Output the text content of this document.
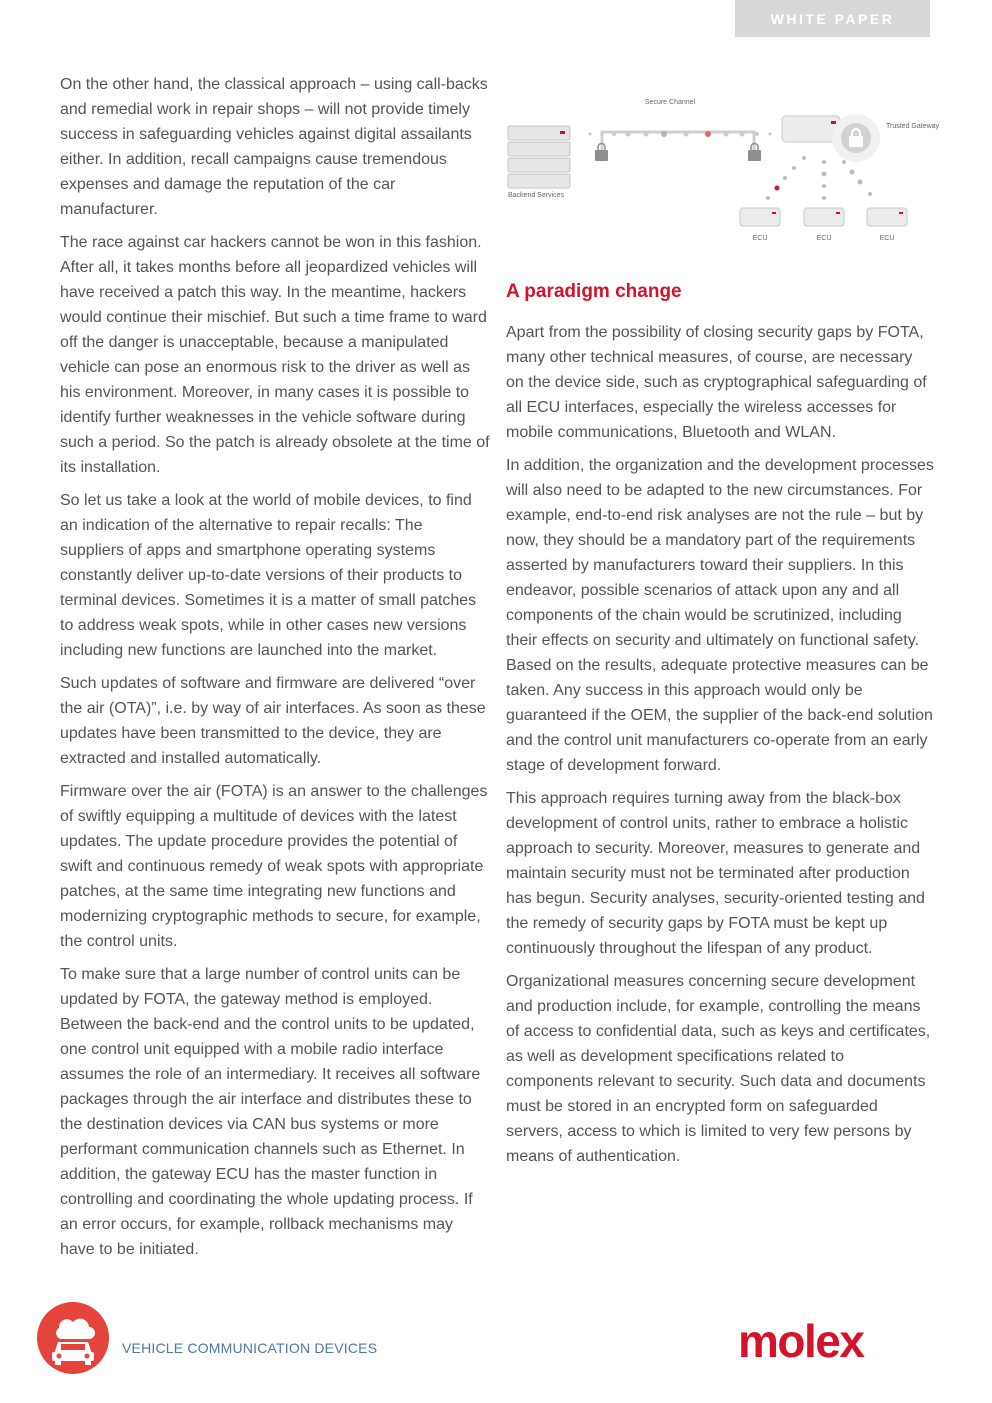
WHITE PAPER

On the other hand, the classical approach – using call-backs and remedial work in repair shops – will not provide timely success in safeguarding vehicles against digital assailants either. In addition, recall campaigns cause tremendous expenses and damage the reputation of the car manufacturer.

The race against car hackers cannot be won in this fashion. After all, it takes months before all jeopardized vehicles will have received a patch this way. In the meantime, hackers would continue their mischief. But such a time frame to ward off the danger is unacceptable, because a manipulated vehicle can pose an enormous risk to the driver as well as his environment. Moreover, in many cases it is possible to identify further weaknesses in the vehicle software during such a period. So the patch is already obsolete at the time of its installation.

So let us take a look at the world of mobile devices, to find an indication of the alternative to repair recalls: The suppliers of apps and smartphone operating systems constantly deliver up-to-date versions of their products to terminal devices. Sometimes it is a matter of small patches to address weak spots, while in other cases new versions including new functions are launched into the market.

Such updates of software and firmware are delivered “over the air (OTA)”, i.e. by way of air interfaces. As soon as these updates have been transmitted to the device, they are extracted and installed automatically.

Firmware over the air (FOTA) is an answer to the challenges of swiftly equipping a multitude of devices with the latest updates. The update procedure provides the potential of swift and continuous remedy of weak spots with appropriate patches, at the same time integrating new functions and modernizing cryptographic methods to secure, for example, the control units.

To make sure that a large number of control units can be updated by FOTA, the gateway method is employed. Between the back-end and the control units to be updated, one control unit equipped with a mobile radio interface assumes the role of an intermediary. It receives all software packages through the air interface and distributes these to the destination devices via CAN bus systems or more performant communication channels such as Ethernet. In addition, the gateway ECU has the master function in controlling and coordinating the whole updating process. If an error occurs, for example, rollback mechanisms may have to be initiated.

Secure Channel
Backend Services
Trusted Gateway
ECU	ECU	ECU
A paradigm change

Apart from the possibility of closing security gaps by FOTA, many other technical measures, of course, are necessary on the device side, such as cryptographical safeguarding of all ECU interfaces, especially the wireless accesses for mobile communications, Bluetooth and WLAN.

In addition, the organization and the development processes will also need to be adapted to the new circumstances. For example, end-to-end risk analyses are not the rule – but by now, they should be a mandatory part of the requirements asserted by manufacturers toward their suppliers. In this endeavor, possible scenarios of attack upon any and all components of the chain would be scrutinized, including their effects on security and ultimately on functional safety. Based on the results, adequate protective measures can be taken. Any success in this approach would only be guaranteed if the OEM, the supplier of the back-end solution and the control unit manufacturers co-operate from an early stage of development forward.

This approach requires turning away from the black-box development of control units, rather to embrace a holistic approach to security. Moreover, measures to generate and maintain security must not be terminated after production has begun. Security analyses, security-oriented testing and the remedy of security gaps by FOTA must be kept up continuously throughout the lifespan of any product.

Organizational measures concerning secure development and production include, for example, controlling the means of access to confidential data, such as keys and certificates, as well as development specifications related to components relevant to security. Such data and documents must be stored in an encrypted form on safeguarded servers, access to which is limited to very few persons by means of authentication.

VEHICLE COMMUNICATION DEVICES	molex
